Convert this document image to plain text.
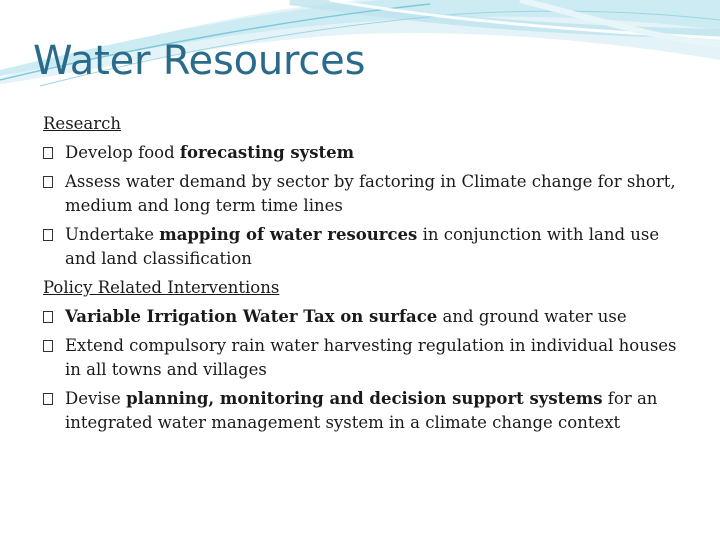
Water Resources
Research
Develop food forecasting system
Assess water demand by sector by factoring in Climate change for short, medium and long term time lines
Undertake mapping of water resources in conjunction with land use and land classification
Policy Related Interventions
Variable Irrigation Water Tax on surface and ground water use
Extend compulsory rain water harvesting regulation in individual houses in all towns and villages
Devise planning, monitoring and decision support systems for an integrated water management system in a climate change context
